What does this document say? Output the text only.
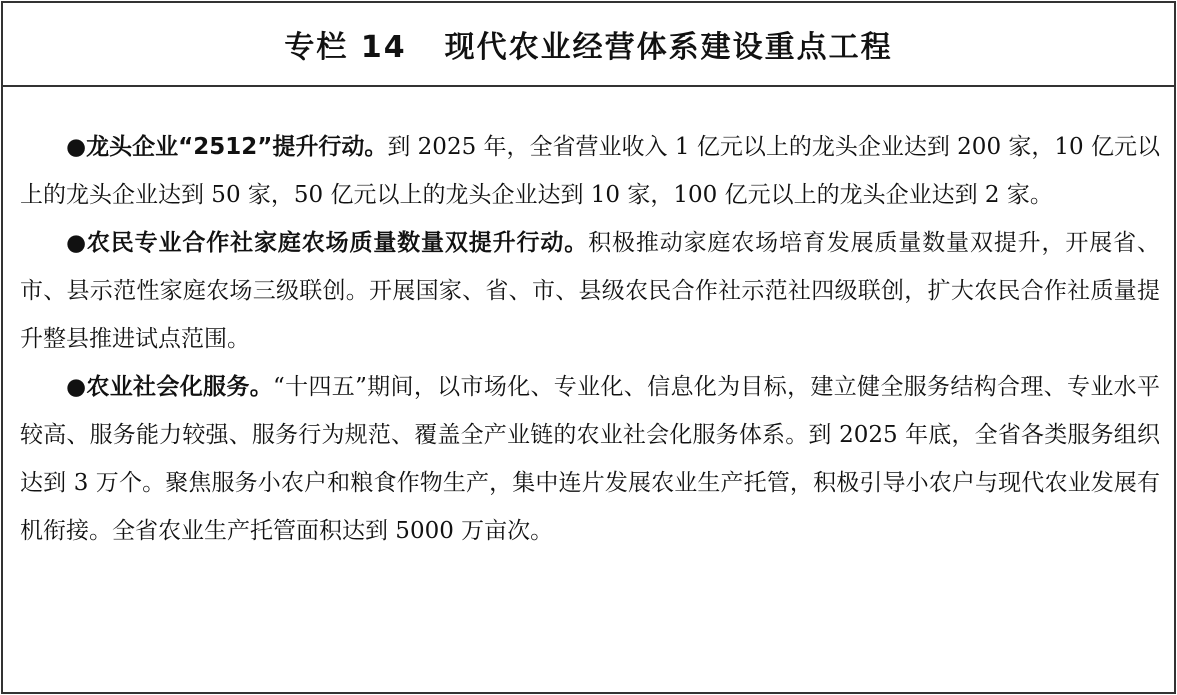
专栏 14 现代农业经营体系建设重点工程

●龙头企业“2512”提升行动。到 2025 年，全省营业收入 1 亿元以上的龙头企业达到 200 家，10 亿元以上的龙头企业达到 50 家，50 亿元以上的龙头企业达到 10 家，100 亿元以上的龙头企业达到 2 家。

●农民专业合作社家庭农场质量数量双提升行动。积极推动家庭农场培育发展质量数量双提升，开展省、市、县示范性家庭农场三级联创。开展国家、省、市、县级农民合作社示范社四级联创，扩大农民合作社质量提升整县推进试点范围。

●农业社会化服务。“十四五”期间，以市场化、专业化、信息化为目标，建立健全服务结构合理、专业水平较高、服务能力较强、服务行为规范、覆盖全产业链的农业社会化服务体系。到 2025 年底，全省各类服务组织达到 3 万个。聚焦服务小农户和粮食作物生产，集中连片发展农业生产托管，积极引导小农户与现代农业发展有机衔接。全省农业生产托管面积达到 5000 万亩次。
